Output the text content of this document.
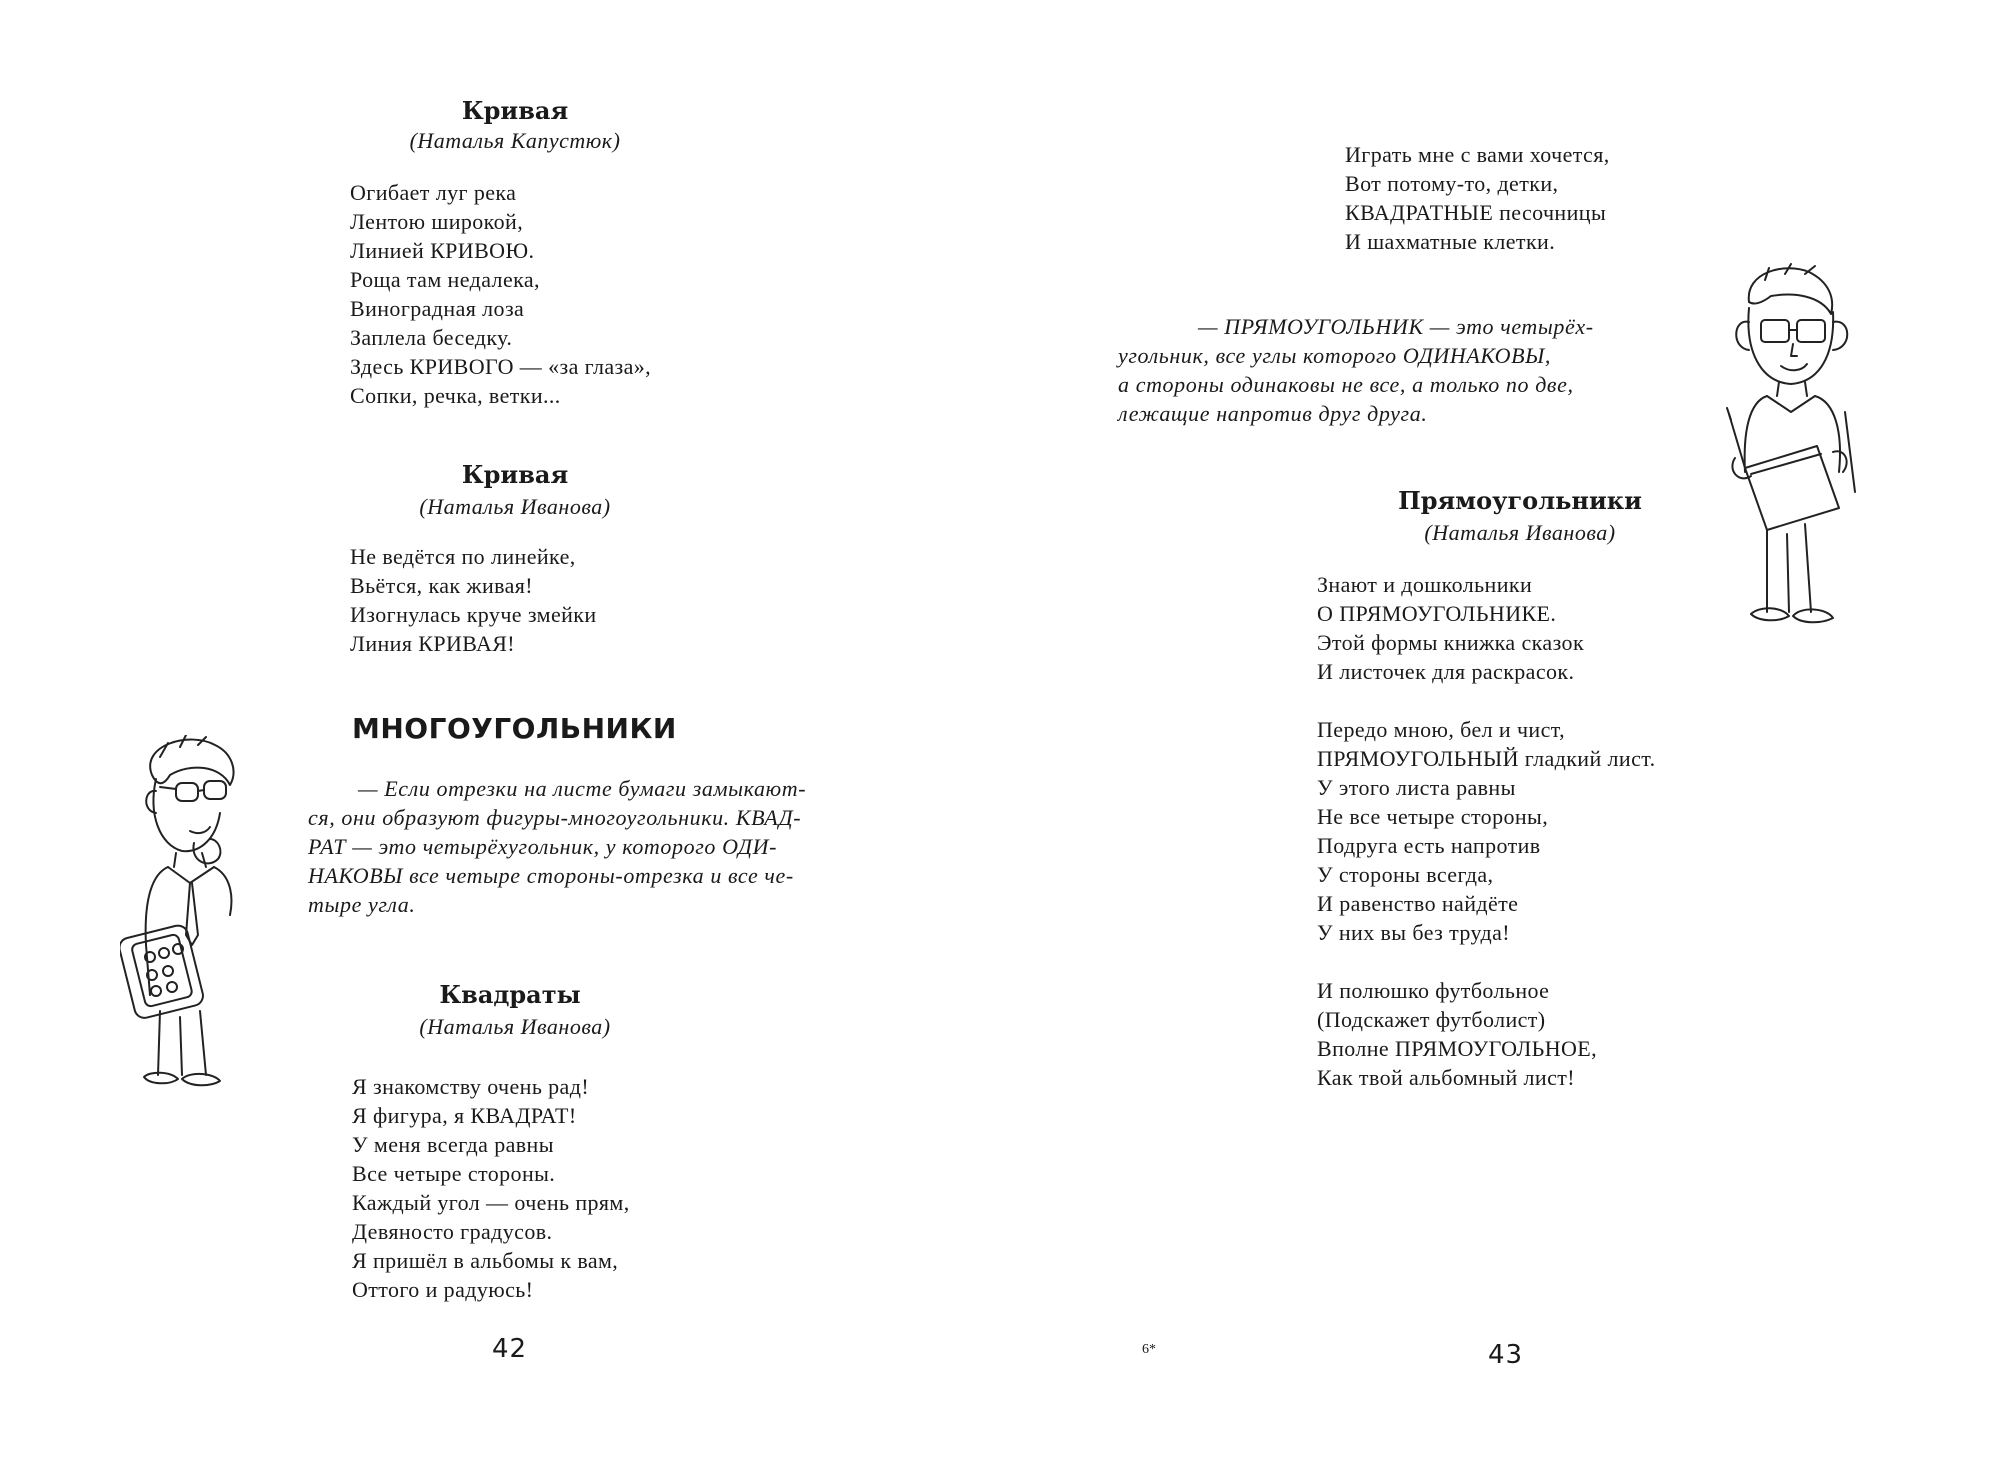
Кривая
(Наталья Капустюк)
Огибает луг река
Лентою широкой,
Линией КРИВОЮ.
Роща там недалека,
Виноградная лоза
Заплела беседку.
Здесь КРИВОГО — «за глаза»,
Сопки, речка, ветки...
Кривая
(Наталья Иванова)
Не ведётся по линейке,
Вьётся, как живая!
Изогнулась круче змейки
Линия КРИВАЯ!
МНОГОУГОЛЬНИКИ
— Если отрезки на листе бумаги замыкают-
ся, они образуют фигуры-многоугольники. КВАД-
РАТ — это четырёхугольник, у которого ОДИ-
НАКОВЫ все четыре стороны-отрезка и все че-
тыре угла.
Квадраты
(Наталья Иванова)
Я знакомству очень рад!
Я фигура, я КВАДРАТ!
У меня всегда равны
Все четыре стороны.
Каждый угол — очень прям,
Девяносто градусов.
Я пришёл в альбомы к вам,
Оттого и радуюсь!
42
Играть мне с вами хочется,
Вот потому-то, детки,
КВАДРАТНЫЕ песочницы
И шахматные клетки.
— ПРЯМОУГОЛЬНИК — это четырёх-
угольник, все углы которого ОДИНАКОВЫ,
а стороны одинаковы не все, а только по две,
лежащие напротив друг друга.
Прямоугольники
(Наталья Иванова)
Знают и дошкольники
О ПРЯМОУГОЛЬНИКЕ.
Этой формы книжка сказок
И листочек для раскрасок.
Передо мною, бел и чист,
ПРЯМОУГОЛЬНЫЙ гладкий лист.
У этого листа равны
Не все четыре стороны,
Подруга есть напротив
У стороны всегда,
И равенство найдёте
У них вы без труда!
И полюшко футбольное
(Подскажет футболист)
Вполне ПРЯМОУГОЛЬНОЕ,
Как твой альбомный лист!
6*	43
